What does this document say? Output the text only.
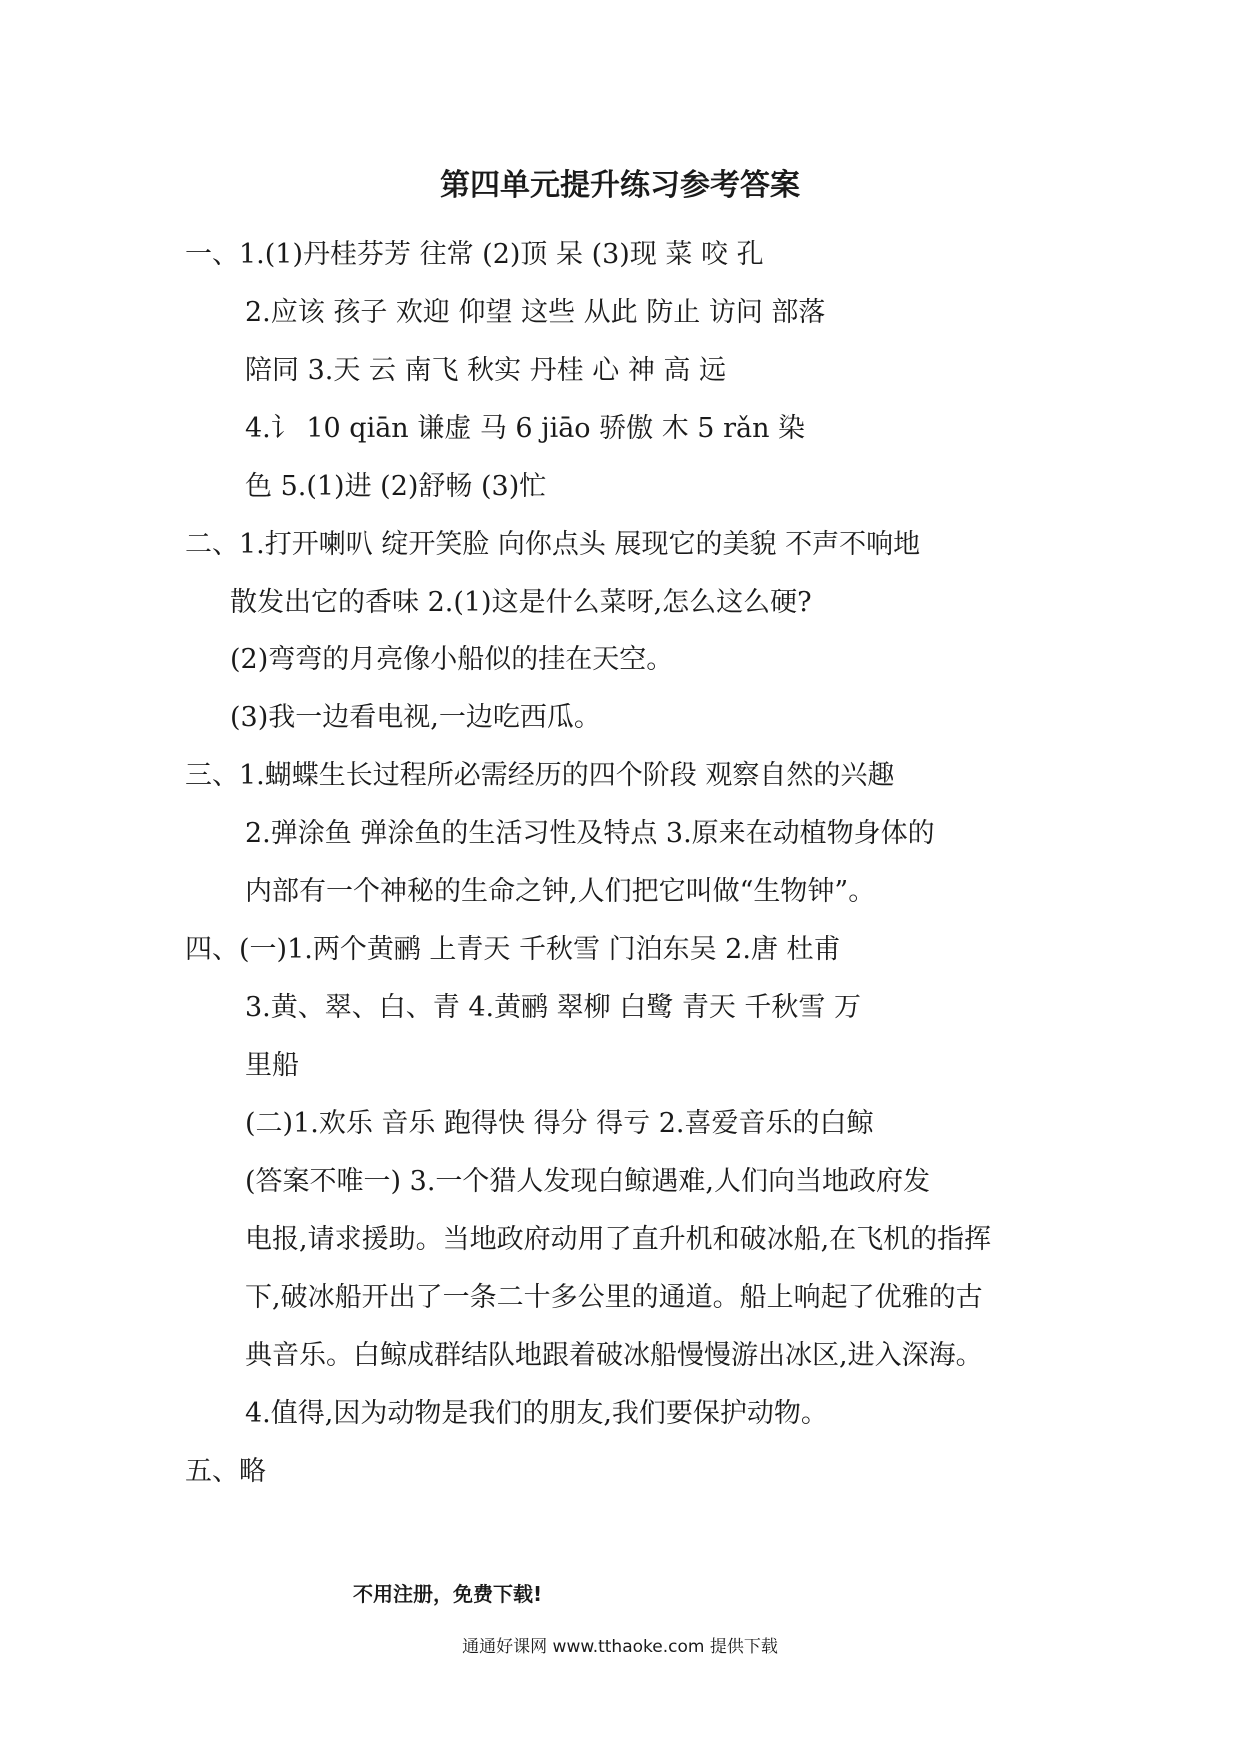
第四单元提升练习参考答案
一、1.(1)丹桂芬芳 往常 (2)顶 呆 (3)现 菜 咬 孔
2.应该 孩子 欢迎 仰望 这些 从此 防止 访问 部落
陪同 3.天 云 南飞 秋实 丹桂 心 神 高 远
4.讠 10 qiān 谦虚 马 6 jiāo 骄傲 木 5 rǎn 染
色 5.(1)进 (2)舒畅 (3)忙
二、1.打开喇叭 绽开笑脸 向你点头 展现它的美貌 不声不响地
散发出它的香味 2.(1)这是什么菜呀,怎么这么硬?
(2)弯弯的月亮像小船似的挂在天空。
(3)我一边看电视,一边吃西瓜。
三、1.蝴蝶生长过程所必需经历的四个阶段 观察自然的兴趣
2.弹涂鱼 弹涂鱼的生活习性及特点 3.原来在动植物身体的
内部有一个神秘的生命之钟,人们把它叫做“生物钟”。
四、(一)1.两个黄鹂 上青天 千秋雪 门泊东吴 2.唐 杜甫
3.黄、翠、白、青 4.黄鹂 翠柳 白鹭 青天 千秋雪 万
里船
(二)1.欢乐 音乐 跑得快 得分 得亏 2.喜爱音乐的白鲸
(答案不唯一) 3.一个猎人发现白鲸遇难,人们向当地政府发
电报,请求援助。当地政府动用了直升机和破冰船,在飞机的指挥
下,破冰船开出了一条二十多公里的通道。船上响起了优雅的古
典音乐。白鲸成群结队地跟着破冰船慢慢游出冰区,进入深海。
4.值得,因为动物是我们的朋友,我们要保护动物。
五、略
不用注册，免费下载!
通通好课网 www.tthaoke.com 提供下载
